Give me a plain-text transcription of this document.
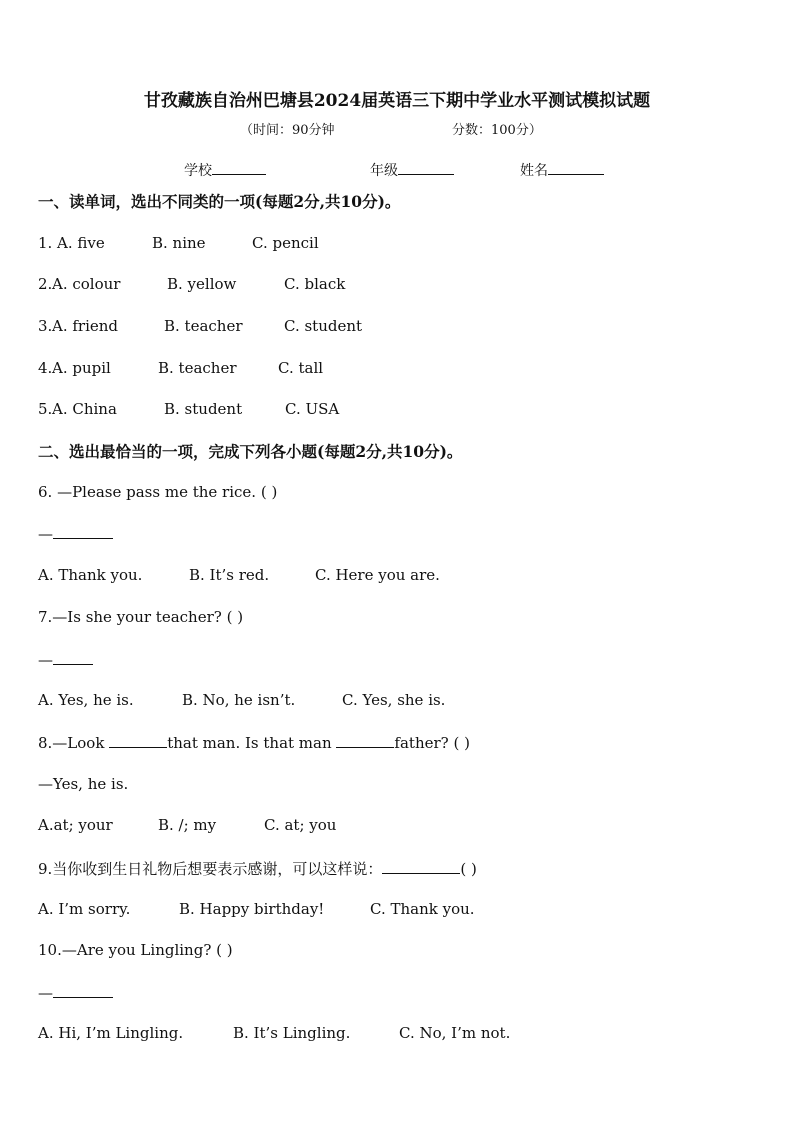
甘孜藏族自治州巴塘县2024届英语三下期中学业水平测试模拟试题
（时间：90分钟	分数：100分）
学校	年级	姓名
一、读单词，选出不同类的一项(每题2分,共10分)。
1. A. five	B. nine	C. pencil
2. A. colour	B. yellow	C. black
3. A. friend	B. teacher	C. student
4. A. pupil	B. teacher	C. tall
5. A. China	B. student	C. USA
二、选出最恰当的一项，完成下列各小题(每题2分,共10分)。
6. —Please pass me the rice. ( )
—
A. Thank you.	B. It’s red.	C. Here you are.
7.—Is she your teacher? ( )
—
A. Yes, he is.	B. No, he isn’t.	C. Yes, she is.
8.—Look	that man. Is that man	father? ( )
—Yes, he is.
A.at; your	B. /; my	C. at; you
9.当你收到生日礼物后想要表示感谢，可以这样说：	( )
A. I’m sorry.	B. Happy birthday!	C. Thank you.
10.—Are you Lingling? ( )
—
A. Hi, I’m Lingling.	B. It’s Lingling.	C. No, I’m not.
